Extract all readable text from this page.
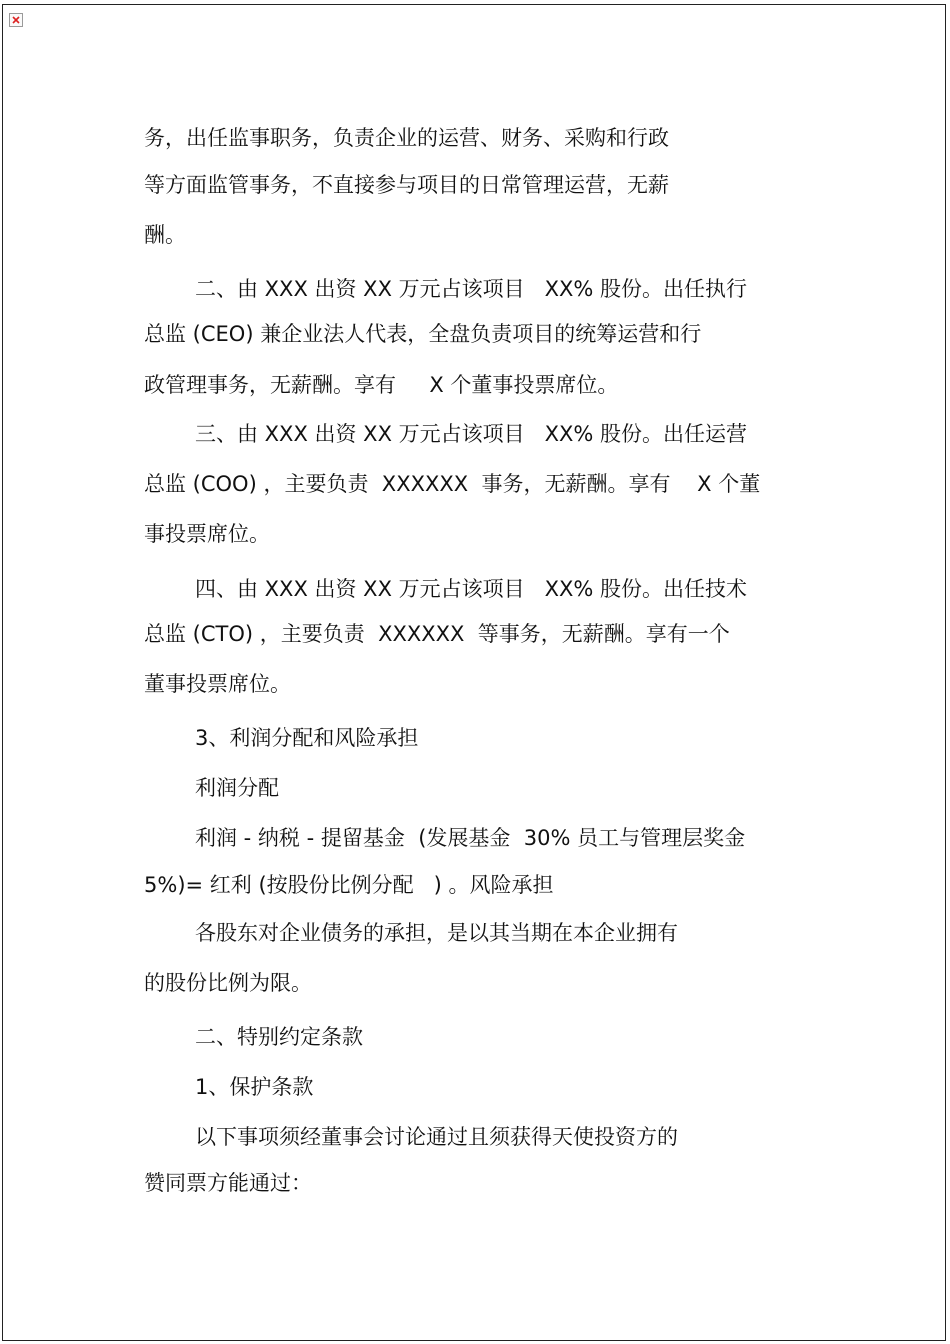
务，出任监事职务，负责企业的运营、财务、采购和行政
等方面监管事务，不直接参与项目的日常管理运营，无薪
酬。
二、由 XXX 出资 XX 万元占该项目   XX% 股份。出任执行
总监 (CEO) 兼企业法人代表，全盘负责项目的统筹运营和行
政管理事务，无薪酬。享有     X 个董事投票席位。
三、由 XXX 出资 XX 万元占该项目   XX% 股份。出任运营
总监 (COO) ，主要负责  XXXXXX  事务，无薪酬。享有    X 个董
事投票席位。
四、由 XXX 出资 XX 万元占该项目   XX% 股份。出任技术
总监 (CTO) ，主要负责  XXXXXX  等事务，无薪酬。享有一个
董事投票席位。
3、利润分配和风险承担
利润分配
利润 - 纳税 - 提留基金  (发展基金  30% 员工与管理层奖金
5%)= 红利 (按股份比例分配   ) 。风险承担
各股东对企业债务的承担，是以其当期在本企业拥有
的股份比例为限。
二、特别约定条款
1、保护条款
以下事项须经董事会讨论通过且须获得天使投资方的
赞同票方能通过：
